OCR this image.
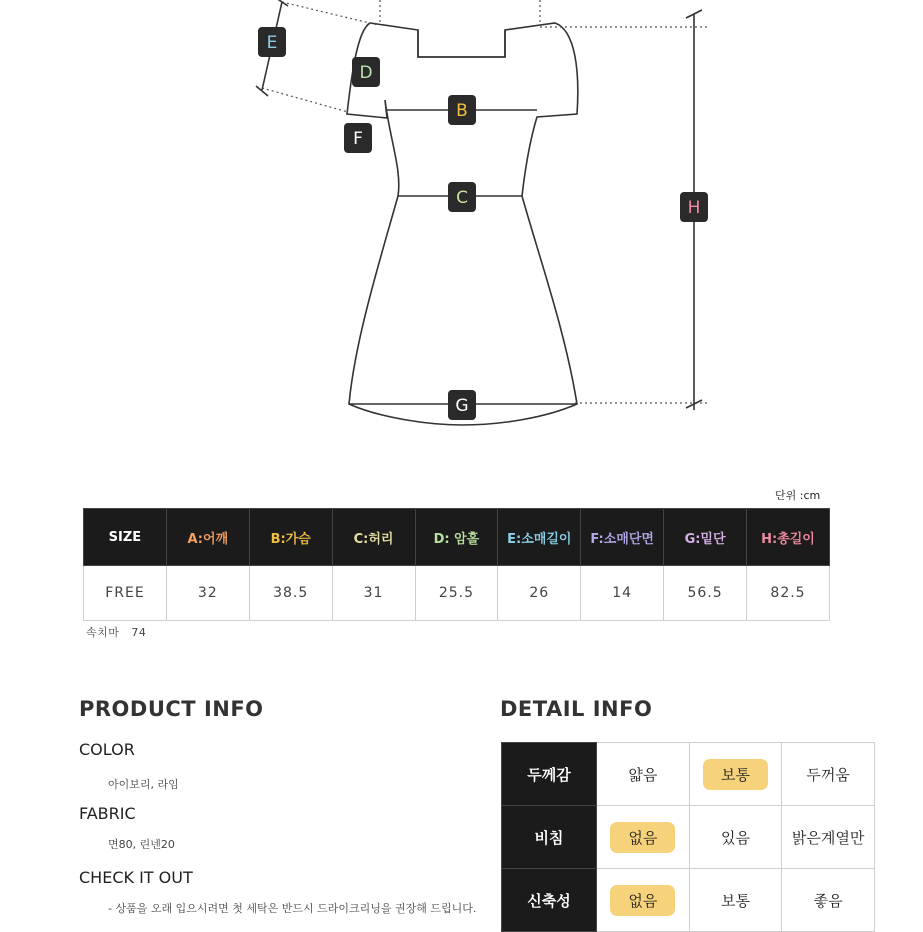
E
D
F
B
C	H
G
단위 :cm
SIZE	A:어깨	B:가슴	C:허리	D: 암홀	E:소매길이	F:소매단면	G:밑단	H:총길이
FREE	32	38.5	31	25.5	26	14	56.5	82.5
속치마   74
PRODUCT INFO
COLOR
아이보리, 라임
FABRIC
면80, 린넨20
CHECK IT OUT
- 상품을 오래 입으시려면 첫 세탁은 반드시 드라이크리닝을 권장해 드립니다.
DETAIL INFO
두께감	얇음	보통	두꺼움
비침	없음	있음	밝은계열만
신축성	없음	보통	좋음
